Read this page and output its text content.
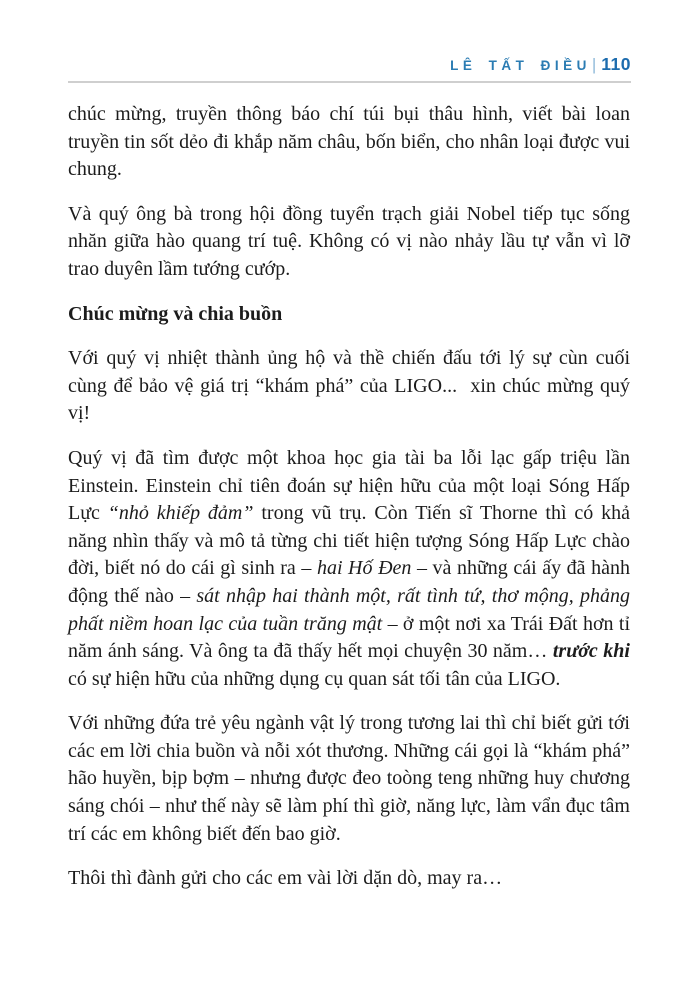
LÊ TẤT ĐIỀU| 110

chúc mừng, truyền thông báo chí túi bụi thâu hình, viết bài loan truyền tin sốt dẻo đi khắp năm châu, bốn biển, cho nhân loại được vui chung.

Và quý ông bà trong hội đồng tuyển trạch giải Nobel tiếp tục sống nhăn giữa hào quang trí tuệ. Không có vị nào nhảy lầu tự vẫn vì lỡ trao duyên lầm tướng cướp.

Chúc mừng và chia buồn

Với quý vị nhiệt thành ủng hộ và thề chiến đấu tới lý sự cùn cuối cùng để bảo vệ giá trị “khám phá” của LIGO...  xin chúc mừng quý vị!

Quý vị đã tìm được một khoa học gia tài ba lỗi lạc gấp triệu lần Einstein. Einstein chỉ tiên đoán sự hiện hữu của một loại Sóng Hấp Lực “nhỏ khiếp đảm” trong vũ trụ. Còn Tiến sĩ Thorne thì có khả năng nhìn thấy và mô tả từng chi tiết hiện tượng Sóng Hấp Lực chào đời, biết nó do cái gì sinh ra – hai Hố Đen – và những cái ấy đã hành động thế nào – sát nhập hai thành một, rất tình tứ, thơ mộng, phảng phất niềm hoan lạc của tuần trăng mật – ở một nơi xa Trái Đất hơn tỉ năm ánh sáng. Và ông ta đã thấy hết mọi chuyện 30 năm… trước khi có sự hiện hữu của những dụng cụ quan sát tối tân của LIGO.

Với những đứa trẻ yêu ngành vật lý trong tương lai thì chỉ biết gửi tới các em lời chia buồn và nỗi xót thương. Những cái gọi là “khám phá” hão huyền, bịp bợm – nhưng được đeo toòng teng những huy chương sáng chói – như thế này sẽ làm phí thì giờ, năng lực, làm vẩn đục tâm trí các em không biết đến bao giờ.

Thôi thì đành gửi cho các em vài lời dặn dò, may ra…
